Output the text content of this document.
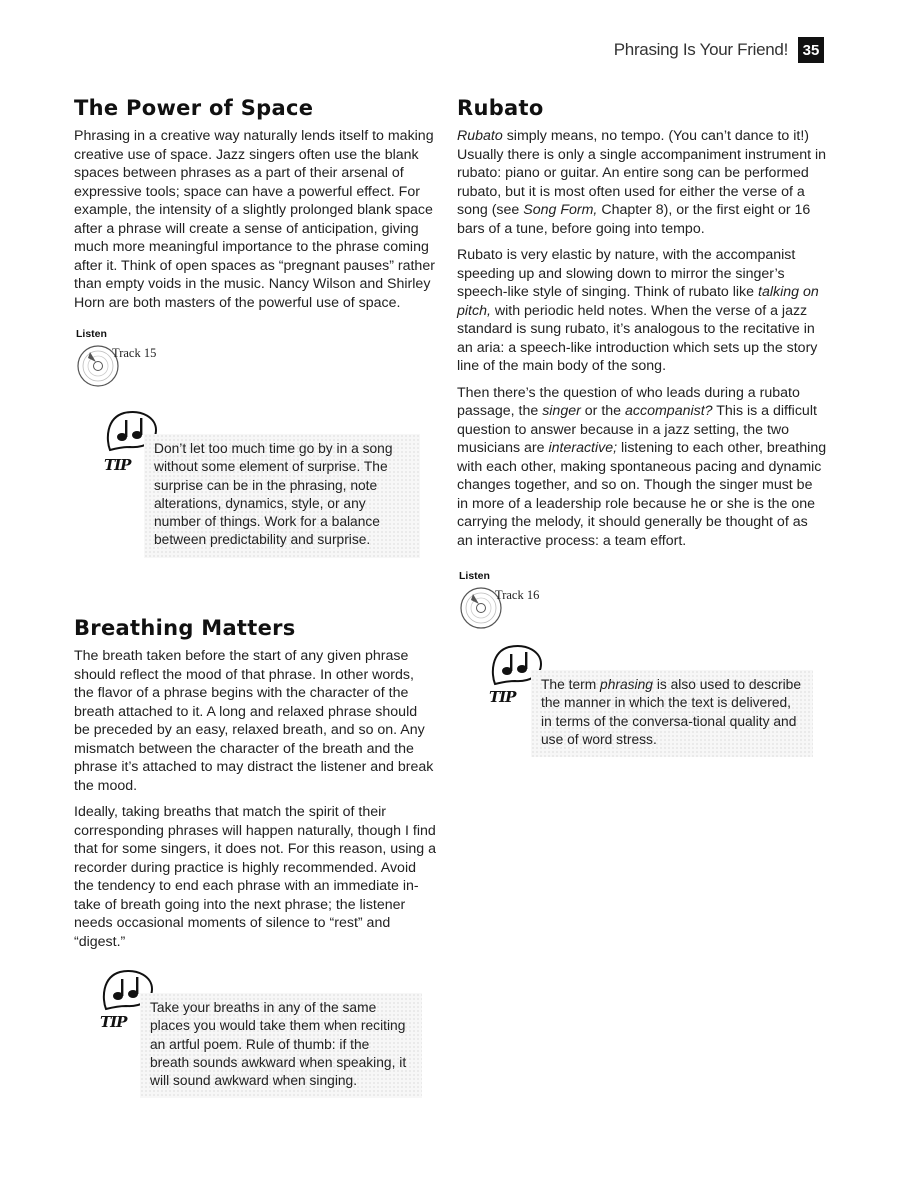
Phrasing Is Your Friend! 35
The Power of Space

Phrasing in a creative way naturally lends itself to making creative use of space. Jazz singers often use the blank spaces between phrases as a part of their arsenal of expressive tools; space can have a powerful effect. For example, the intensity of a slightly prolonged blank space after a phrase will create a sense of anticipation, giving much more meaningful importance to the phrase coming after it. Think of open spaces as “pregnant pauses” rather than empty voids in the music. Nancy Wilson and Shirley Horn are both masters of the powerful use of space.

Listen
Track 15
TIP
Don’t let too much time go by in a song without some element of surprise. The surprise can be in the phrasing, note alterations, dynamics, style, or any number of things. Work for a balance between predictability and surprise.
Breathing Matters

The breath taken before the start of any given phrase should reflect the mood of that phrase. In other words, the flavor of a phrase begins with the character of the breath attached to it. A long and relaxed phrase should be preceded by an easy, relaxed breath, and so on. Any mismatch between the character of the breath and the phrase it’s attached to may distract the listener and break the mood.

Ideally, taking breaths that match the spirit of their corresponding phrases will happen naturally, though I find that for some singers, it does not. For this reason, using a recorder during practice is highly recommended. Avoid the tendency to end each phrase with an immediate in-take of breath going into the next phrase; the listener needs occasional moments of silence to “rest” and “digest.”

TIP
Take your breaths in any of the same places you would take them when reciting an artful poem. Rule of thumb: if the breath sounds awkward when speaking, it will sound awkward when singing.
Rubato

Rubato simply means, no tempo. (You can’t dance to it!) Usually there is only a single accompaniment instrument in rubato: piano or guitar. An entire song can be performed rubato, but it is most often used for either the verse of a song (see Song Form, Chapter 8), or the first eight or 16 bars of a tune, before going into tempo.

Rubato is very elastic by nature, with the accompanist speeding up and slowing down to mirror the singer’s speech-like style of singing. Think of rubato like talking on pitch, with periodic held notes. When the verse of a jazz standard is sung rubato, it’s analogous to the recitative in an aria: a speech-like introduction which sets up the story line of the main body of the song.

Then there’s the question of who leads during a rubato passage, the singer or the accompanist? This is a difficult question to answer because in a jazz setting, the two musicians are interactive; listening to each other, breathing with each other, making spontaneous pacing and dynamic changes together, and so on. Though the singer must be in more of a leadership role because he or she is the one carrying the melody, it should generally be thought of as an interactive process: a team effort.

Listen
Track 16
TIP
The term phrasing is also used to describe the manner in which the text is delivered, in terms of the conversa-tional quality and use of word stress.
